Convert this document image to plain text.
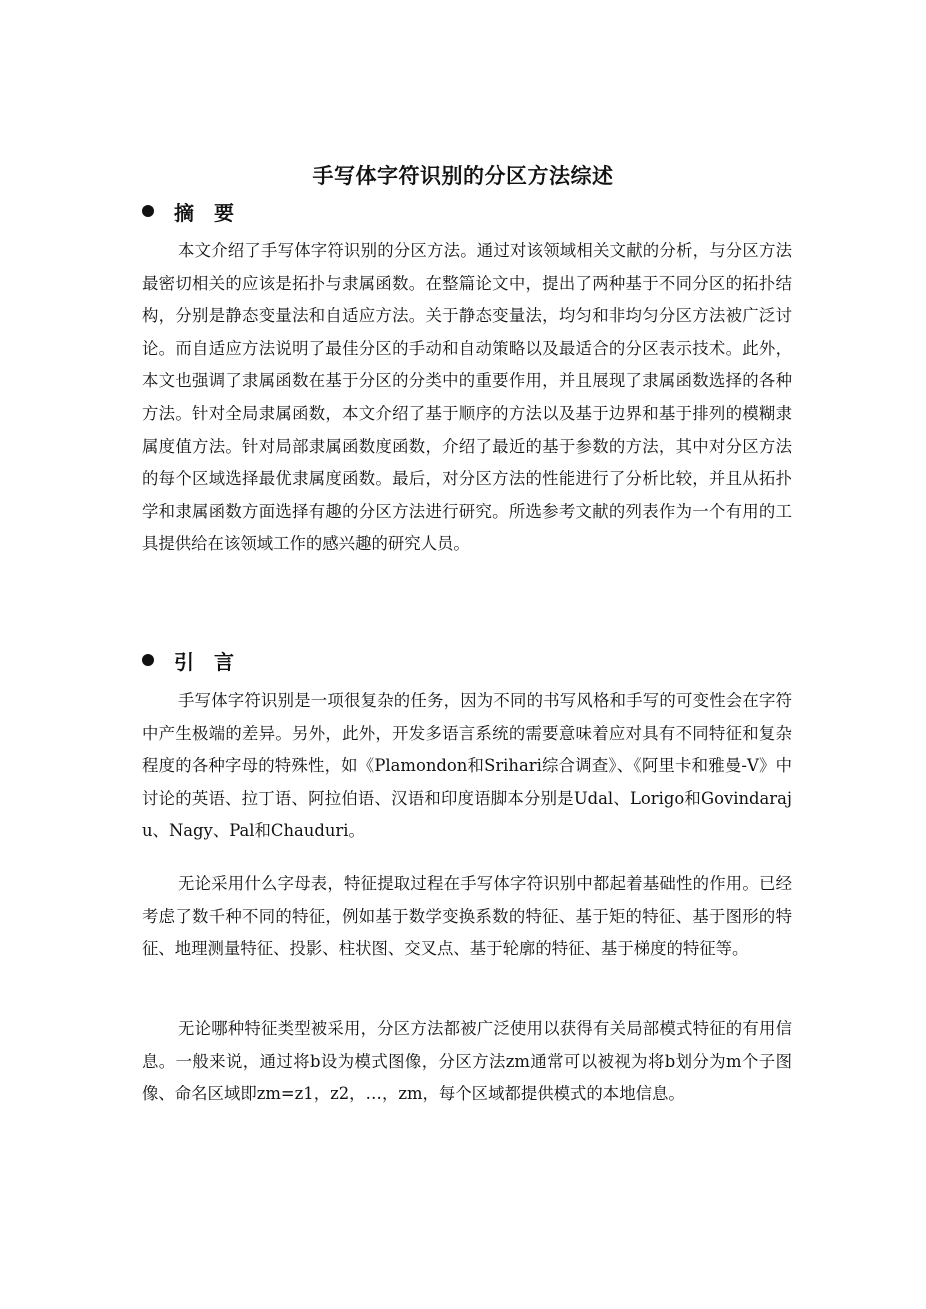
手写体字符识别的分区方法综述
摘要

本文介绍了手写体字符识别的分区方法。通过对该领域相关文献的分析，与分区方法最密切相关的应该是拓扑与隶属函数。在整篇论文中，提出了两种基于不同分区的拓扑结构，分别是静态变量法和自适应方法。关于静态变量法，均匀和非均匀分区方法被广泛讨论。而自适应方法说明了最佳分区的手动和自动策略以及最适合的分区表示技术。此外，本文也强调了隶属函数在基于分区的分类中的重要作用，并且展现了隶属函数选择的各种方法。针对全局隶属函数，本文介绍了基于顺序的方法以及基于边界和基于排列的模糊隶属度值方法。针对局部隶属函数度函数，介绍了最近的基于参数的方法，其中对分区方法的每个区域选择最优隶属度函数。最后，对分区方法的性能进行了分析比较，并且从拓扑学和隶属函数方面选择有趣的分区方法进行研究。所选参考文献的列表作为一个有用的工具提供给在该领域工作的感兴趣的研究人员。

引言

手写体字符识别是一项很复杂的任务，因为不同的书写风格和手写的可变性会在字符中产生极端的差异。另外，此外，开发多语言系统的需要意味着应对具有不同特征和复杂程度的各种字母的特殊性，如《Plamondon和Srihari综合调查》、《阿里卡和雅曼-V》中讨论的英语、拉丁语、阿拉伯语、汉语和印度语脚本分别是Udal、Lorigo和Govindaraju、Nagy、Pal和Chauduri。

无论采用什么字母表，特征提取过程在手写体字符识别中都起着基础性的作用。已经考虑了数千种不同的特征，例如基于数学变换系数的特征、基于矩的特征、基于图形的特征、地理测量特征、投影、柱状图、交叉点、基于轮廓的特征、基于梯度的特征等。

无论哪种特征类型被采用，分区方法都被广泛使用以获得有关局部模式特征的有用信息。一般来说，通过将b设为模式图像，分区方法zm通常可以被视为将b划分为m个子图像、命名区域即zm=z1，z2，…，zm，每个区域都提供模式的本地信息。
